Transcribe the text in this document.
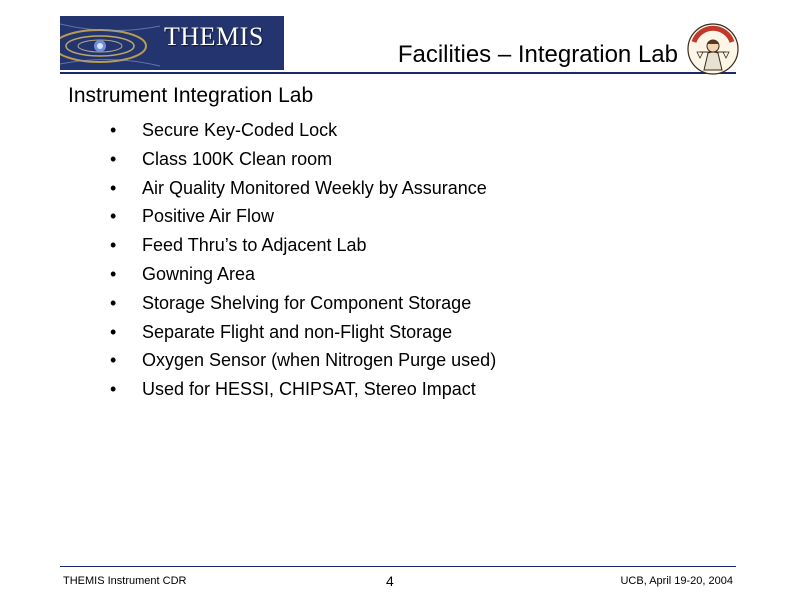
THEMIS
Facilities – Integration Lab
Instrument Integration Lab
• Secure Key-Coded Lock
• Class 100K Clean room
• Air Quality Monitored Weekly by Assurance
• Positive Air Flow
• Feed Thru’s to Adjacent Lab
• Gowning Area
• Storage Shelving for Component Storage
• Separate Flight and non-Flight Storage
• Oxygen Sensor (when Nitrogen Purge used)
• Used for HESSI, CHIPSAT, Stereo Impact
THEMIS Instrument CDR	4	UCB, April 19-20, 2004
